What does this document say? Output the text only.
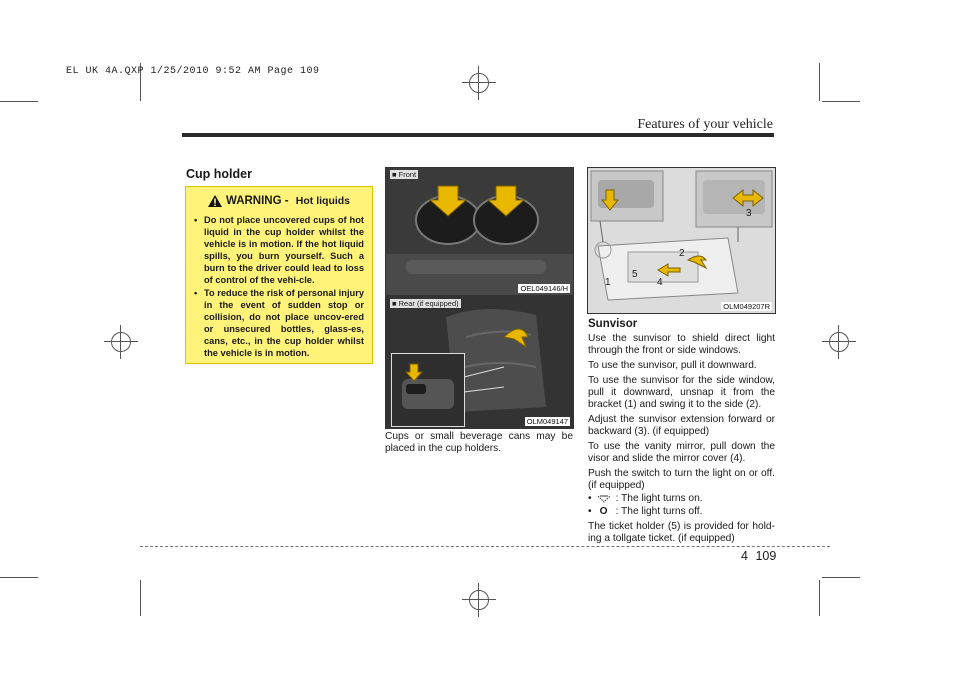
EL UK 4A.QXP 1/25/2010 9:52 AM Page 109
Features of your vehicle
Cup holder
WARNING - Hot liquids
• Do not place uncovered cups of hot liquid in the cup holder whilst the vehicle is in motion. If the hot liquid spills, you burn yourself. Such a burn to the driver could lead to loss of control of the vehi-cle.
• To reduce the risk of personal injury in the event of sudden stop or collision, do not place uncov-ered or unsecured bottles, glass-es, cans, etc., in the cup holder whilst the vehicle is in motion.
■ Front
OEL049146/H
■ Rear (if equipped)
OLM049147

Cups or small beverage cans may be placed in the cup holders.

1
2
3
4
5
OLM049207R
Sunvisor

Use the sunvisor to shield direct light through the front or side windows.

To use the sunvisor, pull it downward.

To use the sunvisor for the side window, pull it downward, unsnap it from the bracket (1) and swing it to the side (2).

Adjust the sunvisor extension forward or backward (3). (if equipped)

To use the vanity mirror, pull down the visor and slide the mirror cover (4).

Push the switch to turn the light on or off. (if equipped)

• : The light turns on.
• O : The light turns off.

The ticket holder (5) is provided for hold-ing a tollgate ticket. (if equipped)

4 109
